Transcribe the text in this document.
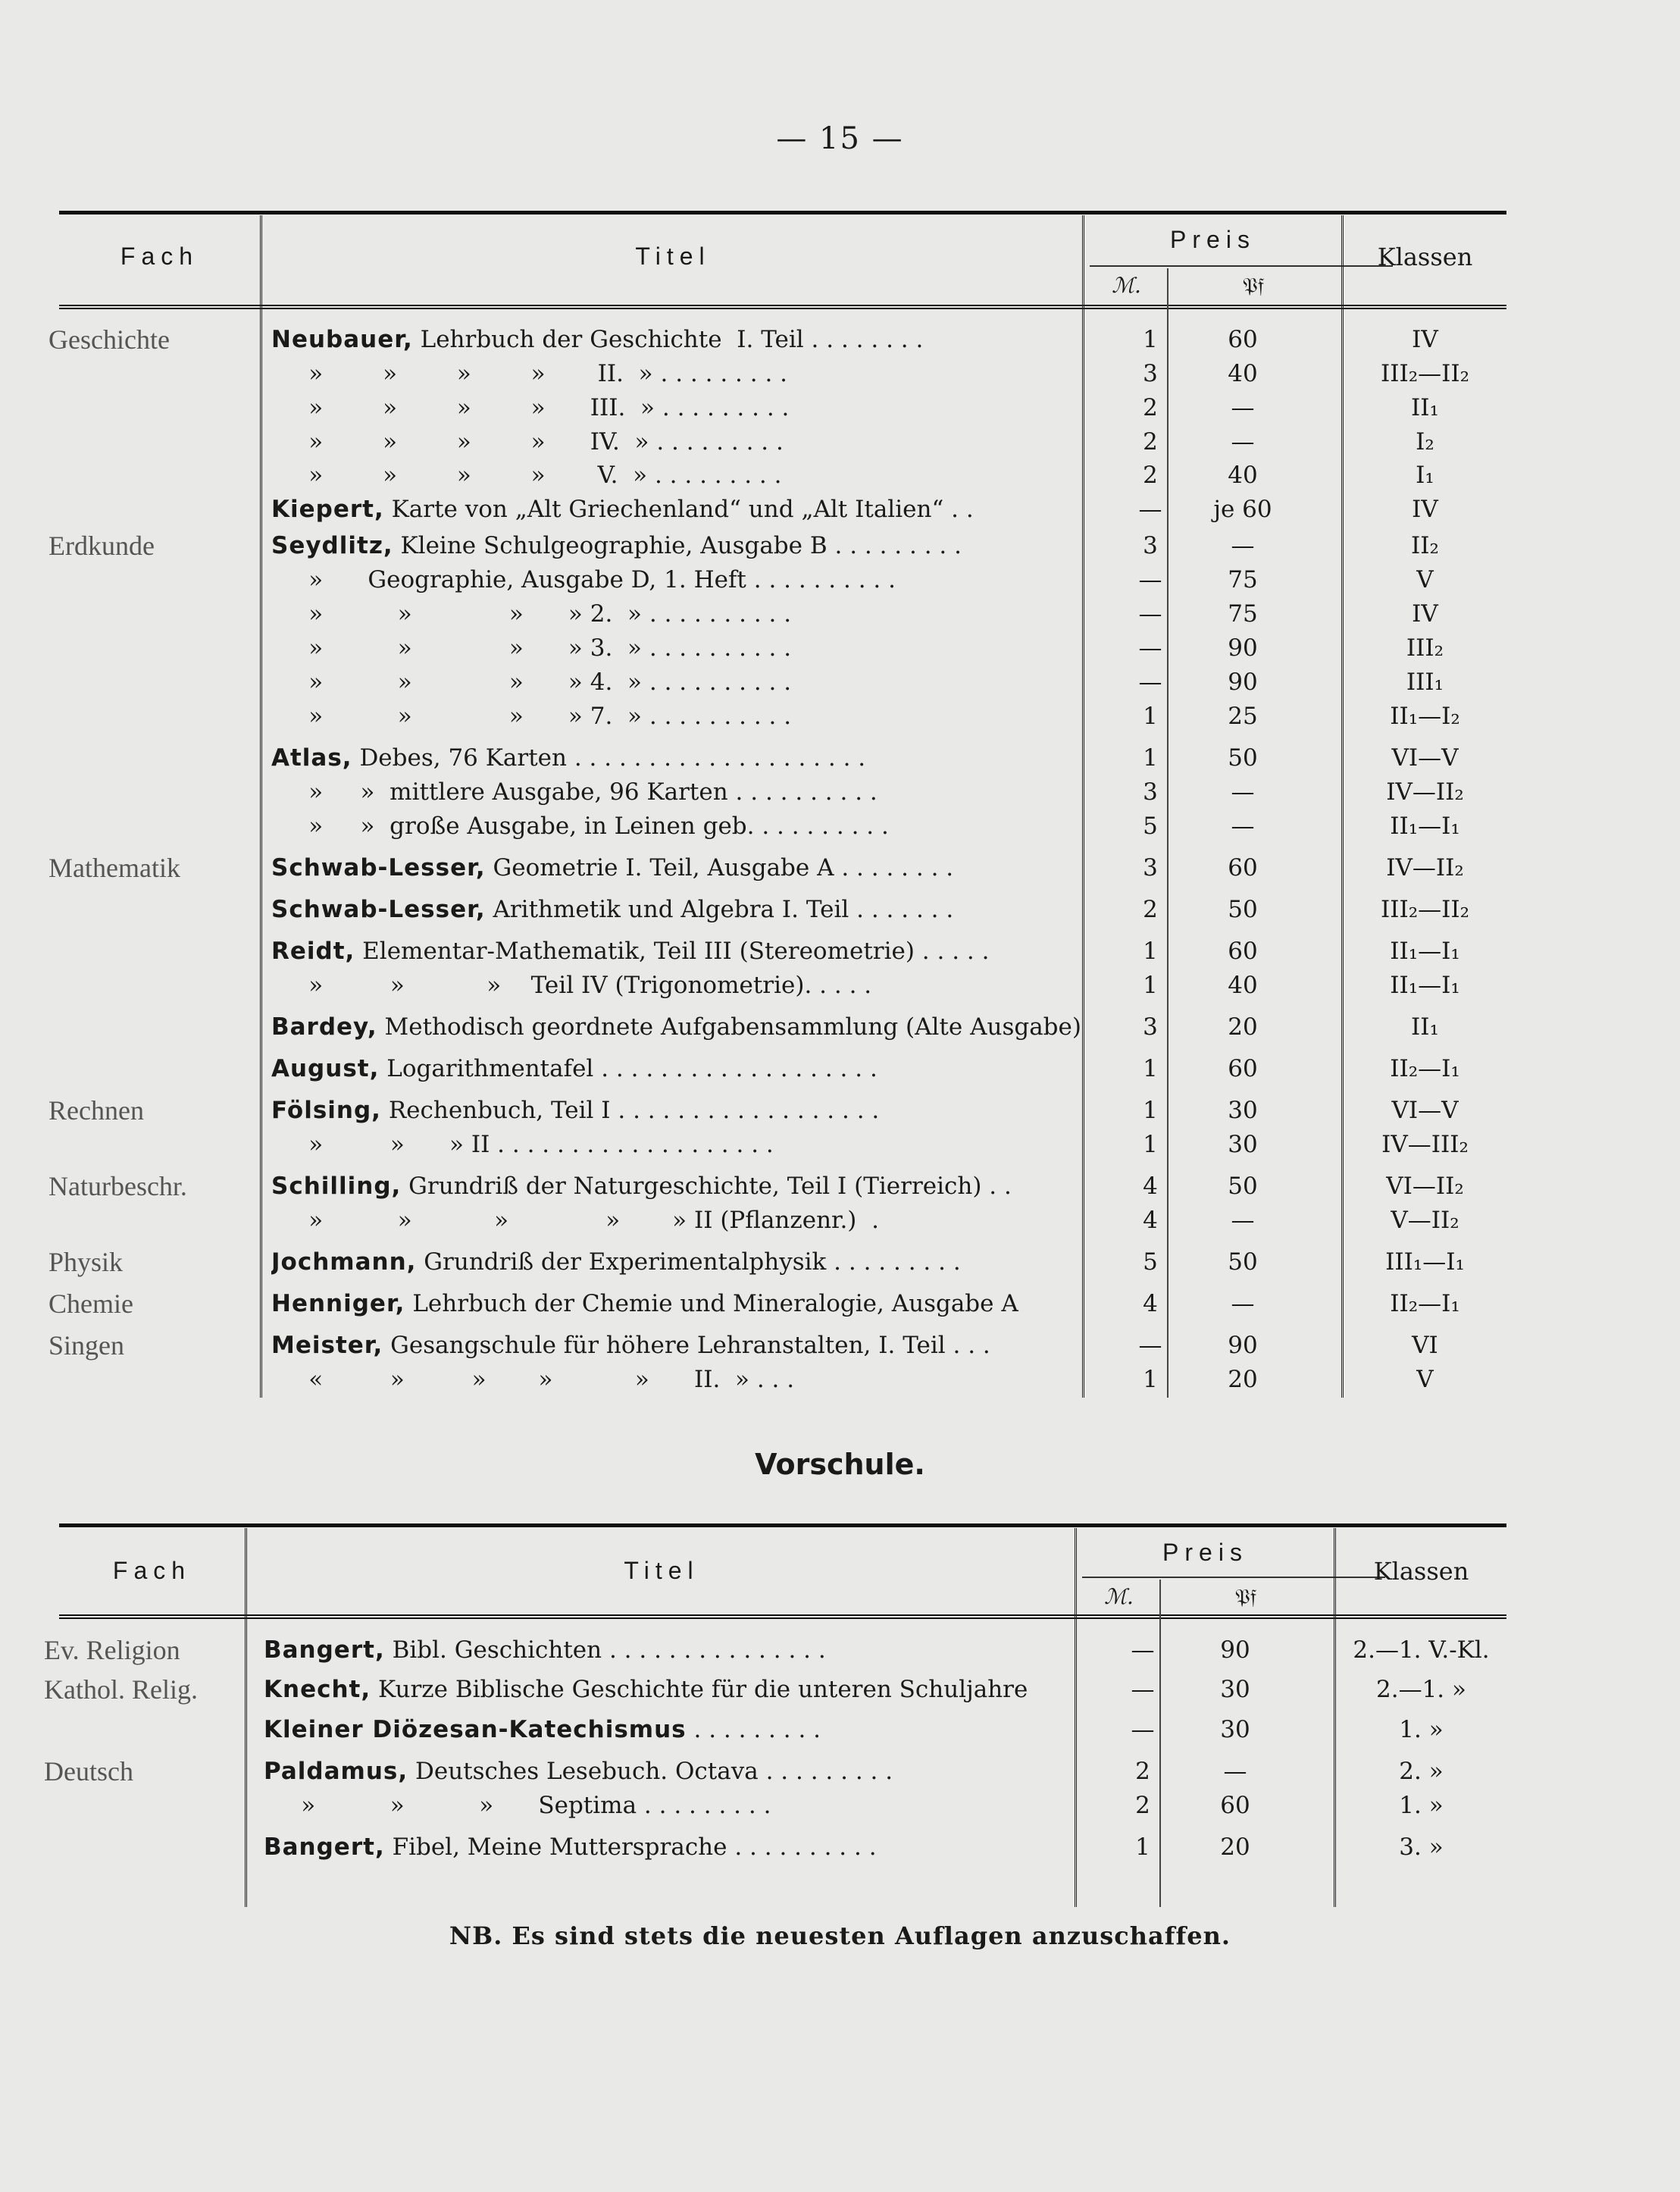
— 15 —
Fach	Titel
Preis
ℳ.	𝔓𝔣
Klassen
Geschichte	Neubauer, Lehrbuch der Geschichte  I. Teil . . . . . . . .	1	60	IV
»        »        »        »       II.  » . . . . . . . . .	3	40	III₂—II₂
»        »        »        »      III.  » . . . . . . . . .	2	—	II₁
»        »        »        »      IV.  » . . . . . . . . .	2	—	I₂
»        »        »        »       V.  » . . . . . . . . .	2	40	I₁
Kiepert, Karte von „Alt Griechenland“ und „Alt Italien“ . .	—	je 60	IV
Erdkunde	Seydlitz, Kleine Schulgeographie, Ausgabe B . . . . . . . . .	3	—	II₂
»      Geographie, Ausgabe D, 1. Heft . . . . . . . . . .	—	75	V
»          »             »      » 2.  » . . . . . . . . . .	—	75	IV
»          »             »      » 3.  » . . . . . . . . . .	—	90	III₂
»          »             »      » 4.  » . . . . . . . . . .	—	90	III₁
»          »             »      » 7.  » . . . . . . . . . .	1	25	II₁—I₂
Atlas, Debes, 76 Karten . . . . . . . . . . . . . . . . . . . .	1	50	VI—V
»     »  mittlere Ausgabe, 96 Karten . . . . . . . . . .	3	—	IV—II₂
»     »  große Ausgabe, in Leinen geb. . . . . . . . . .	5	—	II₁—I₁
Mathematik	Schwab-Lesser, Geometrie I. Teil, Ausgabe A . . . . . . . .	3	60	IV—II₂
Schwab-Lesser, Arithmetik und Algebra I. Teil . . . . . . .	2	50	III₂—II₂
Reidt, Elementar-Mathematik, Teil III (Stereometrie) . . . . .	1	60	II₁—I₁
»         »           »    Teil IV (Trigonometrie). . . . .	1	40	II₁—I₁
Bardey, Methodisch geordnete Aufgabensammlung (Alte Ausgabe)	3	20	II₁
August, Logarithmentafel . . . . . . . . . . . . . . . . . . .	1	60	II₂—I₁
Rechnen	Fölsing, Rechenbuch, Teil I . . . . . . . . . . . . . . . . . .	1	30	VI—V
»         »      » II . . . . . . . . . . . . . . . . . . .	1	30	IV—III₂
Naturbeschr.	Schilling, Grundriß der Naturgeschichte, Teil I (Tierreich) . .	4	50	VI—II₂
»          »           »             »       » II (Pflanzenr.)  .	4	—	V—II₂
Physik	Jochmann, Grundriß der Experimentalphysik . . . . . . . . .	5	50	III₁—I₁
Chemie	Henniger, Lehrbuch der Chemie und Mineralogie, Ausgabe A	4	—	II₂—I₁
Singen	Meister, Gesangschule für höhere Lehranstalten, I. Teil . . .	—	90	VI
«         »         »       »           »      II.  » . . .	1	20	V
Vorschule.
Fach	Titel
Preis
ℳ.	𝔓𝔣
Klassen
Ev. Religion	Bangert, Bibl. Geschichten . . . . . . . . . . . . . . .	—	90	2.—1. V.-Kl.
Kathol. Relig.	Knecht, Kurze Biblische Geschichte für die unteren Schuljahre	—	30	2.—1. »
Kleiner Diözesan-Katechismus . . . . . . . . .	—	30	1. »
Deutsch	Paldamus, Deutsches Lesebuch. Octava . . . . . . . . .	2	—	2. »
»          »          »      Septima . . . . . . . . .	2	60	1. »
Bangert, Fibel, Meine Muttersprache . . . . . . . . . .	1	20	3. »
NB. Es sind stets die neuesten Auflagen anzuschaffen.
